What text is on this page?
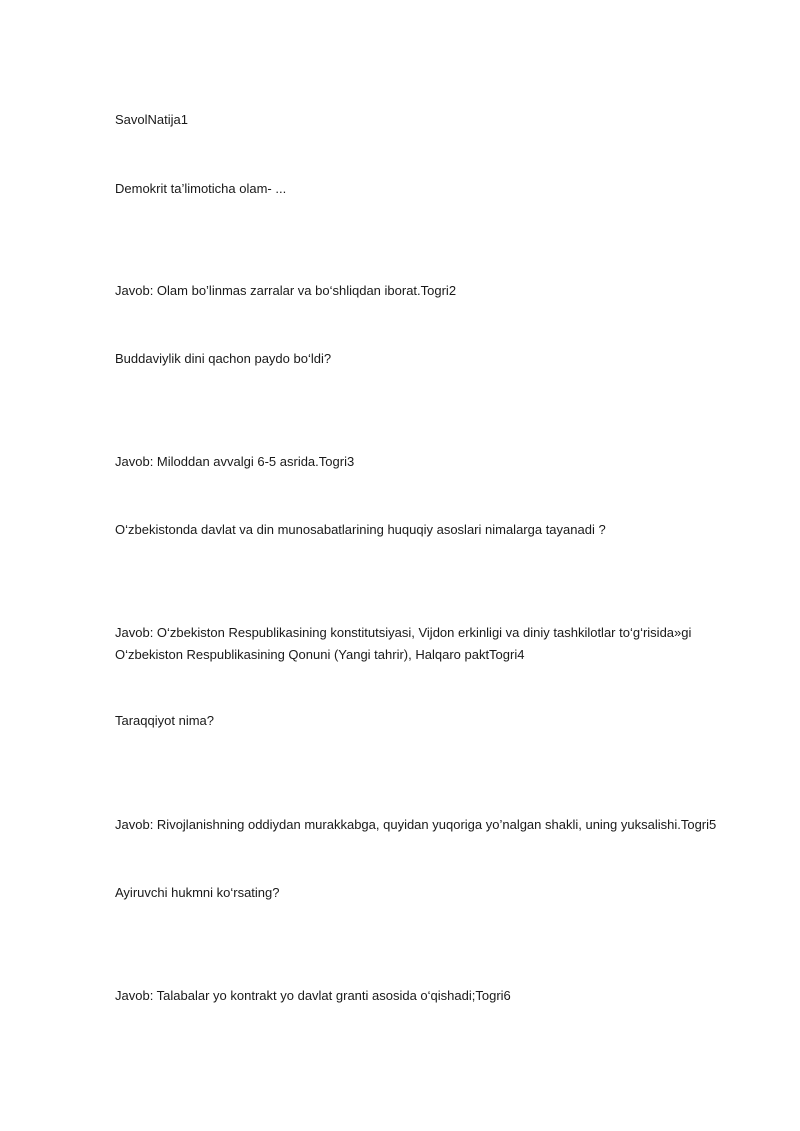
SavolNatija1
Demokrit ta’limoticha olam- ...
Javob: Olam bo’linmas zarralar va bo‘shliqdan iborat.Togri2
Buddaviylik dini qachon paydo bo‘ldi?
Javob: Miloddan avvalgi 6-5 asrida.Togri3
O‘zbekistonda davlat va din munosabatlarining huquqiy asoslari nimalarga tayanadi ?
Javob: O‘zbekiston Respublikasining konstitutsiyasi, Vijdon erkinligi va diniy tashkilotlar to‘g‘risida»gi
O‘zbekiston Respublikasining Qonuni (Yangi tahrir), Halqaro paktTogri4
Taraqqiyot nima?
Javob: Rivojlanishning oddiydan murakkabga, quyidan yuqoriga yo’nalgan shakli, uning yuksalishi.Togri5
Ayiruvchi hukmni ko‘rsating?
Javob: Talabalar yo kontrakt yo davlat granti asosida o‘qishadi;Togri6
